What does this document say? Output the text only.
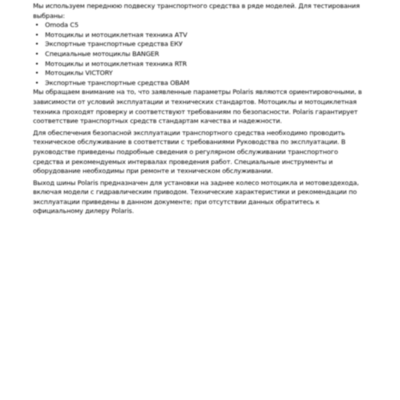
Мы используем переднюю подвеску транспортного средства в ряде моделей. Для тестирования выбраны:

• Omoda C5
• Мотоциклы и мотоциклетная техника АТV
• Экспортные транспортные средства ЕКУ
• Специальные мотоциклы BANGER
• Мотоциклы и мотоциклетная техника RTR
• Мотоциклы VICTORY
• Экспортные транспортные средства ОВАМ

Мы обращаем внимание на то, что заявленные параметры Polaris являются ориентировочными, в зависимости от условий эксплуатации и технических стандартов. Мотоциклы и мотоциклетная техника проходят проверку и соответствуют требованиям по безопасности. Polaris гарантирует соответствие транспортных средств стандартам качества и надежности.

Для обеспечения безопасной эксплуатации транспортного средства необходимо проводить техническое обслуживание в соответствии с требованиями Руководства по эксплуатации. В руководстве приведены подробные сведения о регулярном обслуживании транспортного средства и рекомендуемых интервалах проведения работ. Специальные инструменты и оборудование необходимы при ремонте и техническом обслуживании.

Выход шины Polaris предназначен для установки на заднее колесо мотоцикла и мотовездехода, включая модели с гидравлическим приводом. Технические характеристики и рекомендации по эксплуатации приведены в данном документе; при отсутствии данных обратитесь к официальному дилеру Polaris.
